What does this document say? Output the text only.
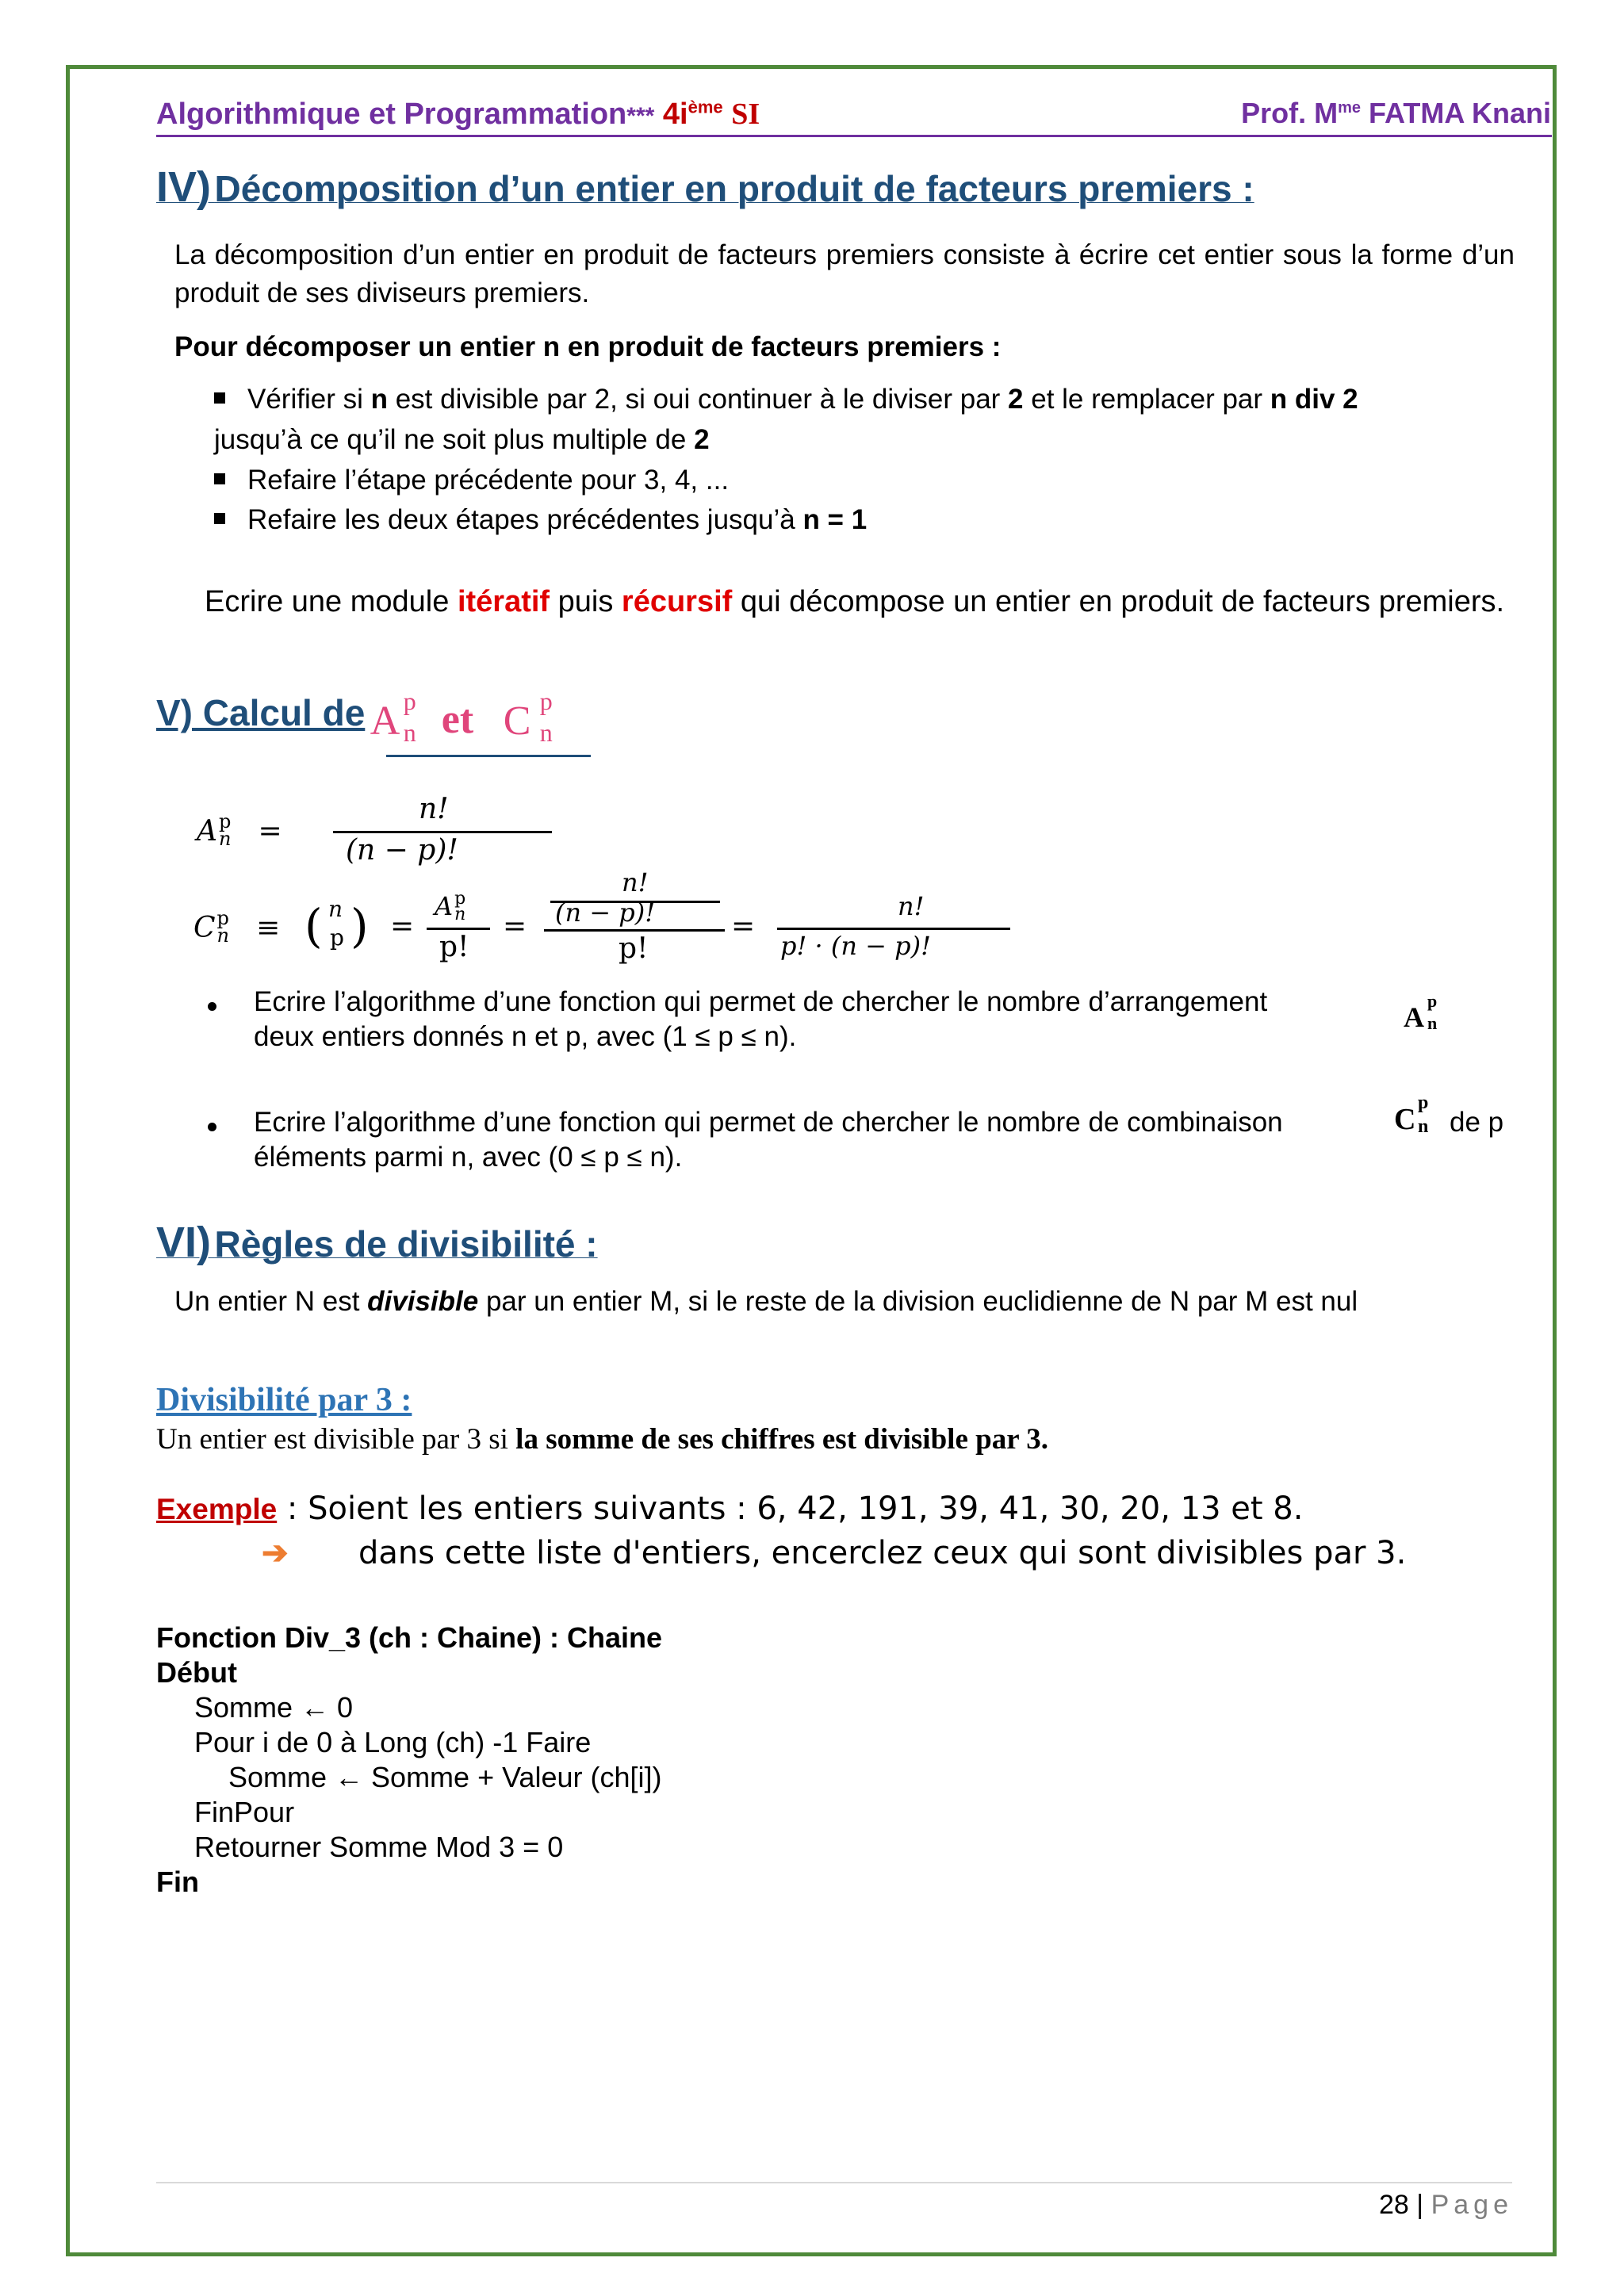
Algorithmique et Programmation*** $4i^{ème}$ SI	Prof. $M^{me}$ FATMA Knani
IV) Décomposition d’un entier en produit de facteurs premiers :
La décomposition d’un entier en produit de facteurs premiers consiste à écrire cet entier sous la forme d’un produit de ses diviseurs premiers.
Pour décomposer un entier n en produit de facteurs premiers :
Vérifier si n est divisible par 2, si oui continuer à le diviser par 2 et le remplacer par n div 2
jusqu’à ce qu’il ne soit plus multiple de 2
Refaire l’étape précédente pour 3, 4, ...
Refaire les deux étapes précédentes jusqu’à n = 1
Ecrire une module itératif puis récursif qui décompose un entier en produit de facteurs premiers.
V) Calcul de A p
n et C p
n
A p
n =
n!
(n − p)!
C p
n ≡ ( n
p ) =
A p
n
p!
=
n!
(n − p)!
p!
=
n!
p! · (n − p)!
Ecrire l’algorithme d’une fonction qui permet de chercher le nombre d’arrangement
deux entiers donnés n et p, avec (1 ≤ p ≤ n).
A
p
n
Ecrire l’algorithme d’une fonction qui permet de chercher le nombre de combinaison
éléments parmi n, avec (0 ≤ p ≤ n).
C p
n de p
VI) Règles de divisibilité :
Un entier N est divisible par un entier M, si le reste de la division euclidienne de N par M est nul
Divisibilité par 3 :
Un entier est divisible par 3 si la somme de ses chiffres est divisible par 3.
Exemple : Soient les entiers suivants : 6, 42, 191, 39, 41, 30, 20, 13 et 8.
➔ dans cette liste d'entiers, encerclez ceux qui sont divisibles par 3.
Fonction Div_3 (ch : Chaine) : Chaine
Début
Somme ← 0
Pour i de 0 à Long (ch) -1 Faire
Somme ← Somme + Valeur (ch[i])
FinPour
Retourner Somme Mod 3 = 0
Fin
28 | Page
